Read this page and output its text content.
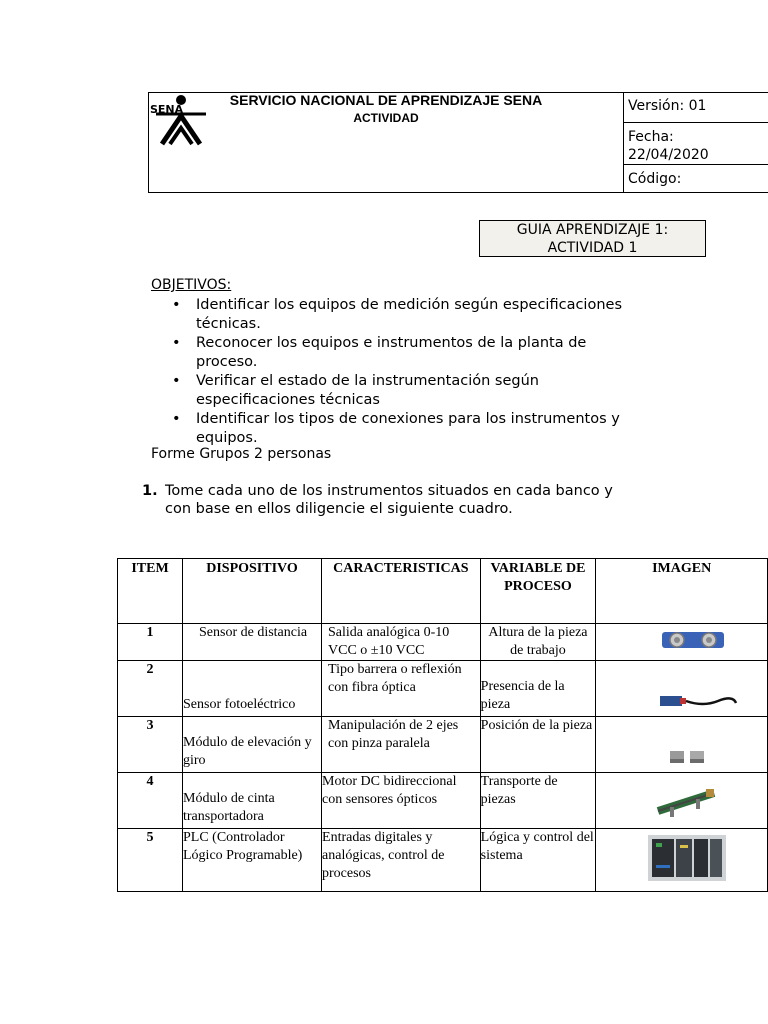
SENA
SERVICIO NACIONAL DE APRENDIZAJE SENA
ACTIVIDAD
Versión: 01
Fecha:
22/04/2020
Código:
GUIA APRENDIZAJE 1:
ACTIVIDAD 1
OBJETIVOS:
• Identificar los equipos de medición según especificaciones técnicas.
• Reconocer los equipos e instrumentos de la planta de proceso.
• Verificar el estado de la instrumentación según especificaciones técnicas
• Identificar los tipos de conexiones para los instrumentos y equipos.
Forme Grupos 2 personas
1. Tome cada uno de los instrumentos situados en cada banco y con base en ellos diligencie el siguiente cuadro.
ITEM	DISPOSITIVO	CARACTERISTICAS	VARIABLE DE PROCESO	IMAGEN
1	Sensor de distancia	Salida analógica 0-10 VCC o ±10 VCC	Altura de la pieza de trabajo	

2	Sensor fotoeléctrico	Tipo barrera o reflexión con fibra óptica	Presencia de la pieza	

3	Módulo de elevación y giro	Manipulación de 2 ejes con pinza paralela	Posición de la pieza	

4	Módulo de cinta transportadora	Motor DC bidireccional con sensores ópticos	Transporte de piezas	

5	PLC (Controlador Lógico Programable)	Entradas digitales y analógicas, control de procesos	Lógica y control del sistema	
